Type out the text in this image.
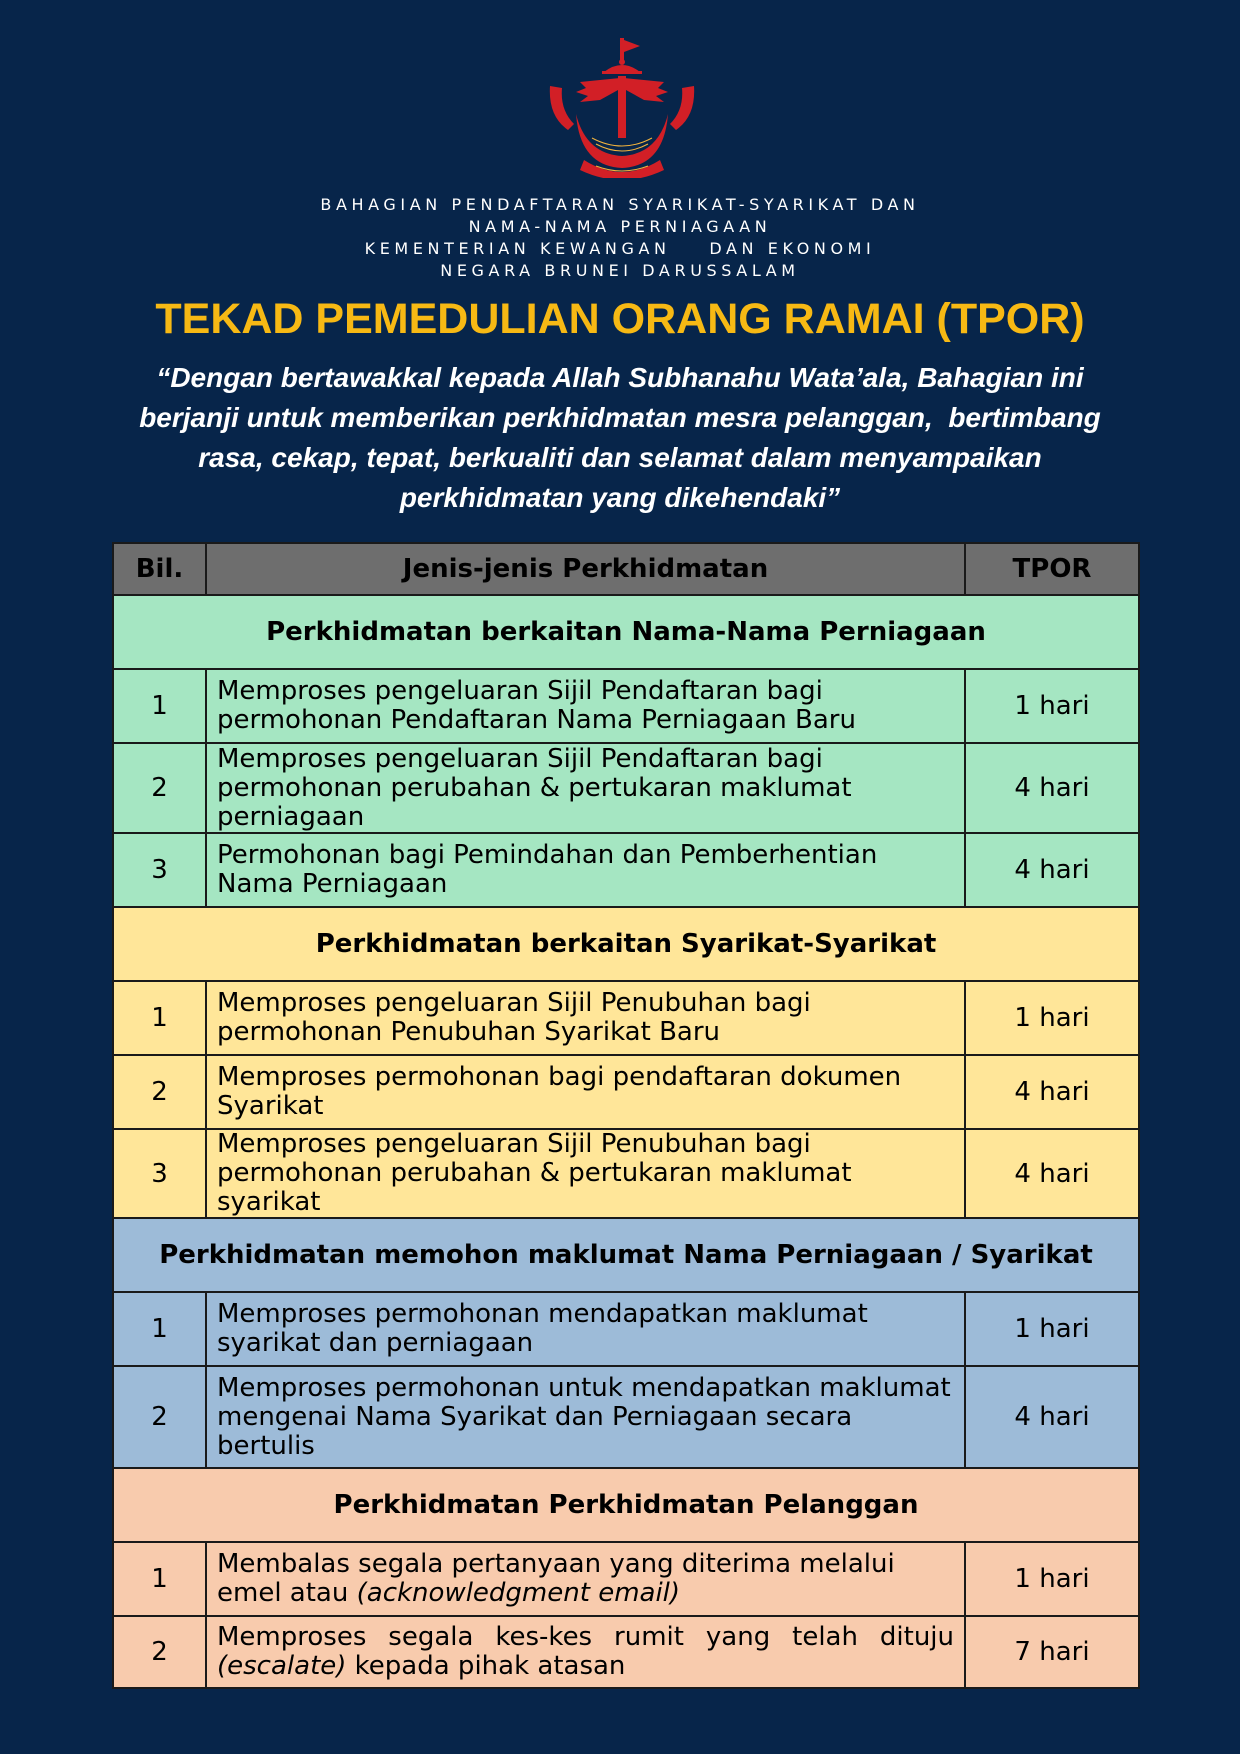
BAHAGIAN PENDAFTARAN SYARIKAT-SYARIKAT DAN
NAMA-NAMA PERNIAGAAN
KEMENTERIAN KEWANGAN    DAN EKONOMI
NEGARA BRUNEI DARUSSALAM
TEKAD PEMEDULIAN ORANG RAMAI (TPOR)
“Dengan bertawakkal kepada Allah Subhanahu Wata’ala, Bahagian ini
berjanji untuk memberikan perkhidmatan mesra pelanggan,  bertimbang
rasa, cekap, tepat, berkualiti dan selamat dalam menyampaikan
perkhidmatan yang dikehendaki”
Bil.	Jenis-jenis Perkhidmatan	TPOR
Perkhidmatan berkaitan Nama-Nama Perniagaan		
1	Memproses pengeluaran Sijil Pendaftaran bagi permohonan Pendaftaran Nama Perniagaan Baru	1 hari
2	Memproses pengeluaran Sijil Pendaftaran bagi permohonan perubahan & pertukaran maklumat perniagaan	4 hari
3	Permohonan bagi Pemindahan dan Pemberhentian Nama Perniagaan	4 hari
Perkhidmatan berkaitan Syarikat-Syarikat		
1	Memproses pengeluaran Sijil Penubuhan bagi permohonan Penubuhan Syarikat Baru	1 hari
2	Memproses permohonan bagi pendaftaran dokumen Syarikat	4 hari
3	Memproses pengeluaran Sijil Penubuhan bagi permohonan perubahan & pertukaran maklumat syarikat	4 hari
Perkhidmatan memohon maklumat Nama Perniagaan / Syarikat		
1	Memproses permohonan mendapatkan maklumat syarikat dan perniagaan	1 hari
2	Memproses permohonan untuk mendapatkan maklumat mengenai Nama Syarikat dan Perniagaan secara bertulis	4 hari
Perkhidmatan Perkhidmatan Pelanggan		
1	Membalas segala pertanyaan yang diterima melalui emel atau (acknowledgment email)	1 hari
2	Memproses segala kes-kes rumit yang telah dituju (escalate) kepada pihak atasan	7 hari
